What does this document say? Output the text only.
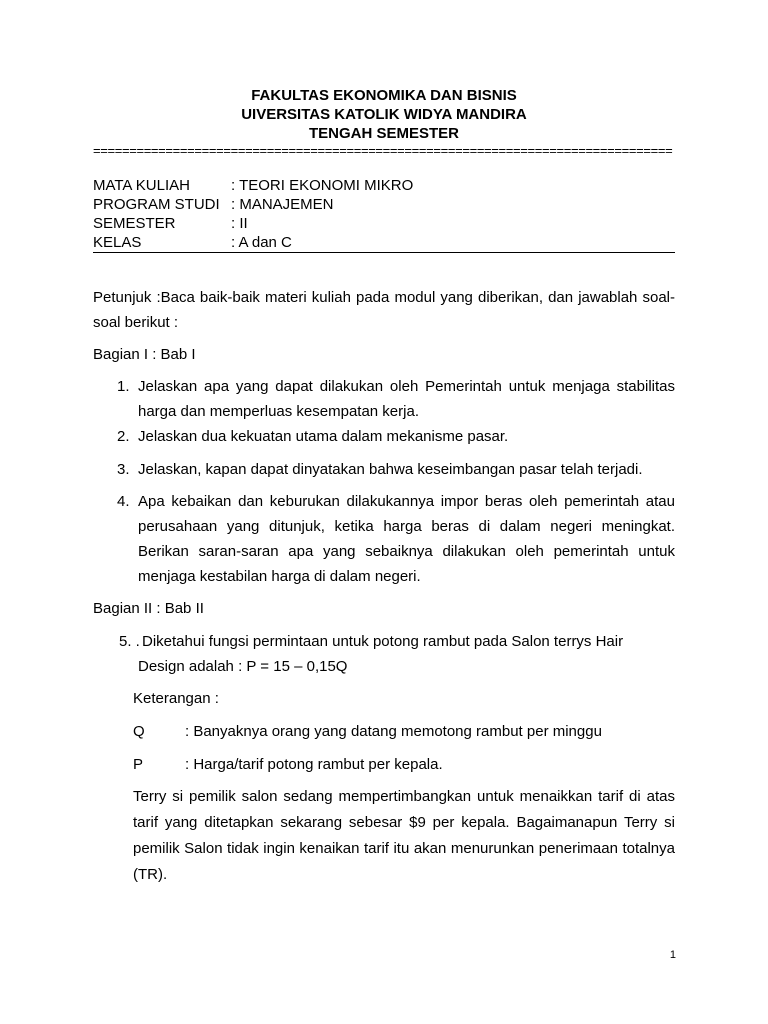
FAKULTAS EKONOMIKA DAN BISNIS
UIVERSITAS KATOLIK WIDYA MANDIRA
TENGAH SEMESTER
================================================================================
MATA KULIAH	: TEORI EKONOMI MIKRO
PROGRAM STUDI : MANAJEMEN
SEMESTER	: II
KELAS	: A dan C
Petunjuk :Baca baik-baik materi kuliah pada modul yang diberikan, dan jawablah soal-soal berikut :
Bagian I : Bab I
1. Jelaskan apa yang dapat dilakukan oleh Pemerintah untuk menjaga stabilitas harga dan memperluas kesempatan kerja.
2. Jelaskan dua kekuatan utama dalam mekanisme pasar.
3. Jelaskan, kapan dapat dinyatakan bahwa keseimbangan pasar telah terjadi.
4. Apa kebaikan dan keburukan dilakukannya impor beras oleh pemerintah atau perusahaan yang ditunjuk, ketika harga beras di dalam negeri meningkat. Berikan saran-saran apa yang sebaiknya dilakukan oleh pemerintah untuk menjaga kestabilan harga di dalam negeri.
Bagian II : Bab II
5. . Diketahui fungsi permintaan untuk potong rambut pada Salon terrys Hair Design adalah : P = 15 – 0,15Q
Keterangan :
Q	: Banyaknya orang yang datang memotong rambut per minggu
P	: Harga/tarif potong rambut per kepala.
Terry si pemilik salon sedang mempertimbangkan untuk menaikkan tarif di atas tarif yang ditetapkan sekarang sebesar $9 per kepala. Bagaimanapun Terry si pemilik Salon tidak ingin kenaikan tarif itu akan menurunkan penerimaan totalnya (TR).
1
